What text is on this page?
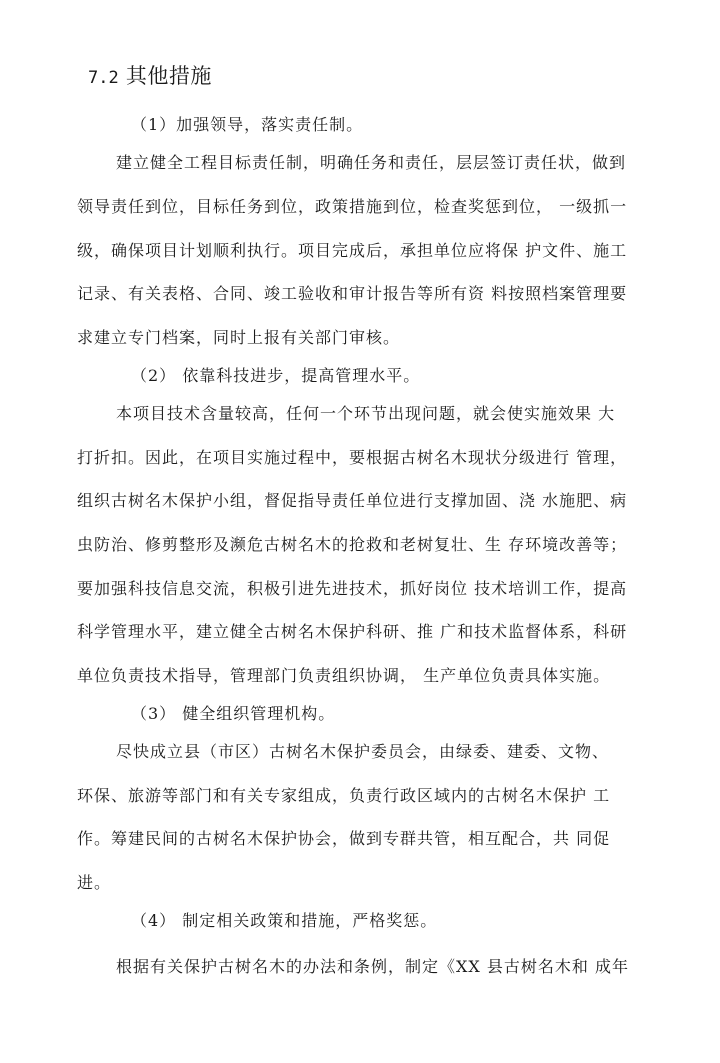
7.2 其他措施
（1）加强领导，落实责任制。
建立健全工程目标责任制，明确任务和责任，层层签订责任状，做到
领导责任到位，目标任务到位，政策措施到位，检查奖惩到位， 一级抓一
级，确保项目计划顺利执行。项目完成后，承担单位应将保 护文件、施工
记录、有关表格、合同、竣工验收和审计报告等所有资 料按照档案管理要
求建立专门档案，同时上报有关部门审核。
（2） 依靠科技进步，提高管理水平。
本项目技术含量较高，任何一个环节出现问题，就会使实施效果 大
打折扣。因此，在项目实施过程中，要根据古树名木现状分级进行 管理，
组织古树名木保护小组，督促指导责任单位进行支撑加固、浇 水施肥、病
虫防治、修剪整形及濒危古树名木的抢救和老树复壮、生 存环境改善等；
要加强科技信息交流，积极引进先进技术，抓好岗位 技术培训工作，提高
科学管理水平，建立健全古树名木保护科研、推 广和技术监督体系，科研
单位负责技术指导，管理部门负责组织协调， 生产单位负责具体实施。
（3） 健全组织管理机构。
尽快成立县（市区）古树名木保护委员会，由绿委、建委、文物、
环保、旅游等部门和有关专家组成，负责行政区域内的古树名木保护 工
作。筹建民间的古树名木保护协会，做到专群共管，相互配合，共 同促
进。
（4） 制定相关政策和措施，严格奖惩。
根据有关保护古树名木的办法和条例，制定《XX 县古树名木和 成年
